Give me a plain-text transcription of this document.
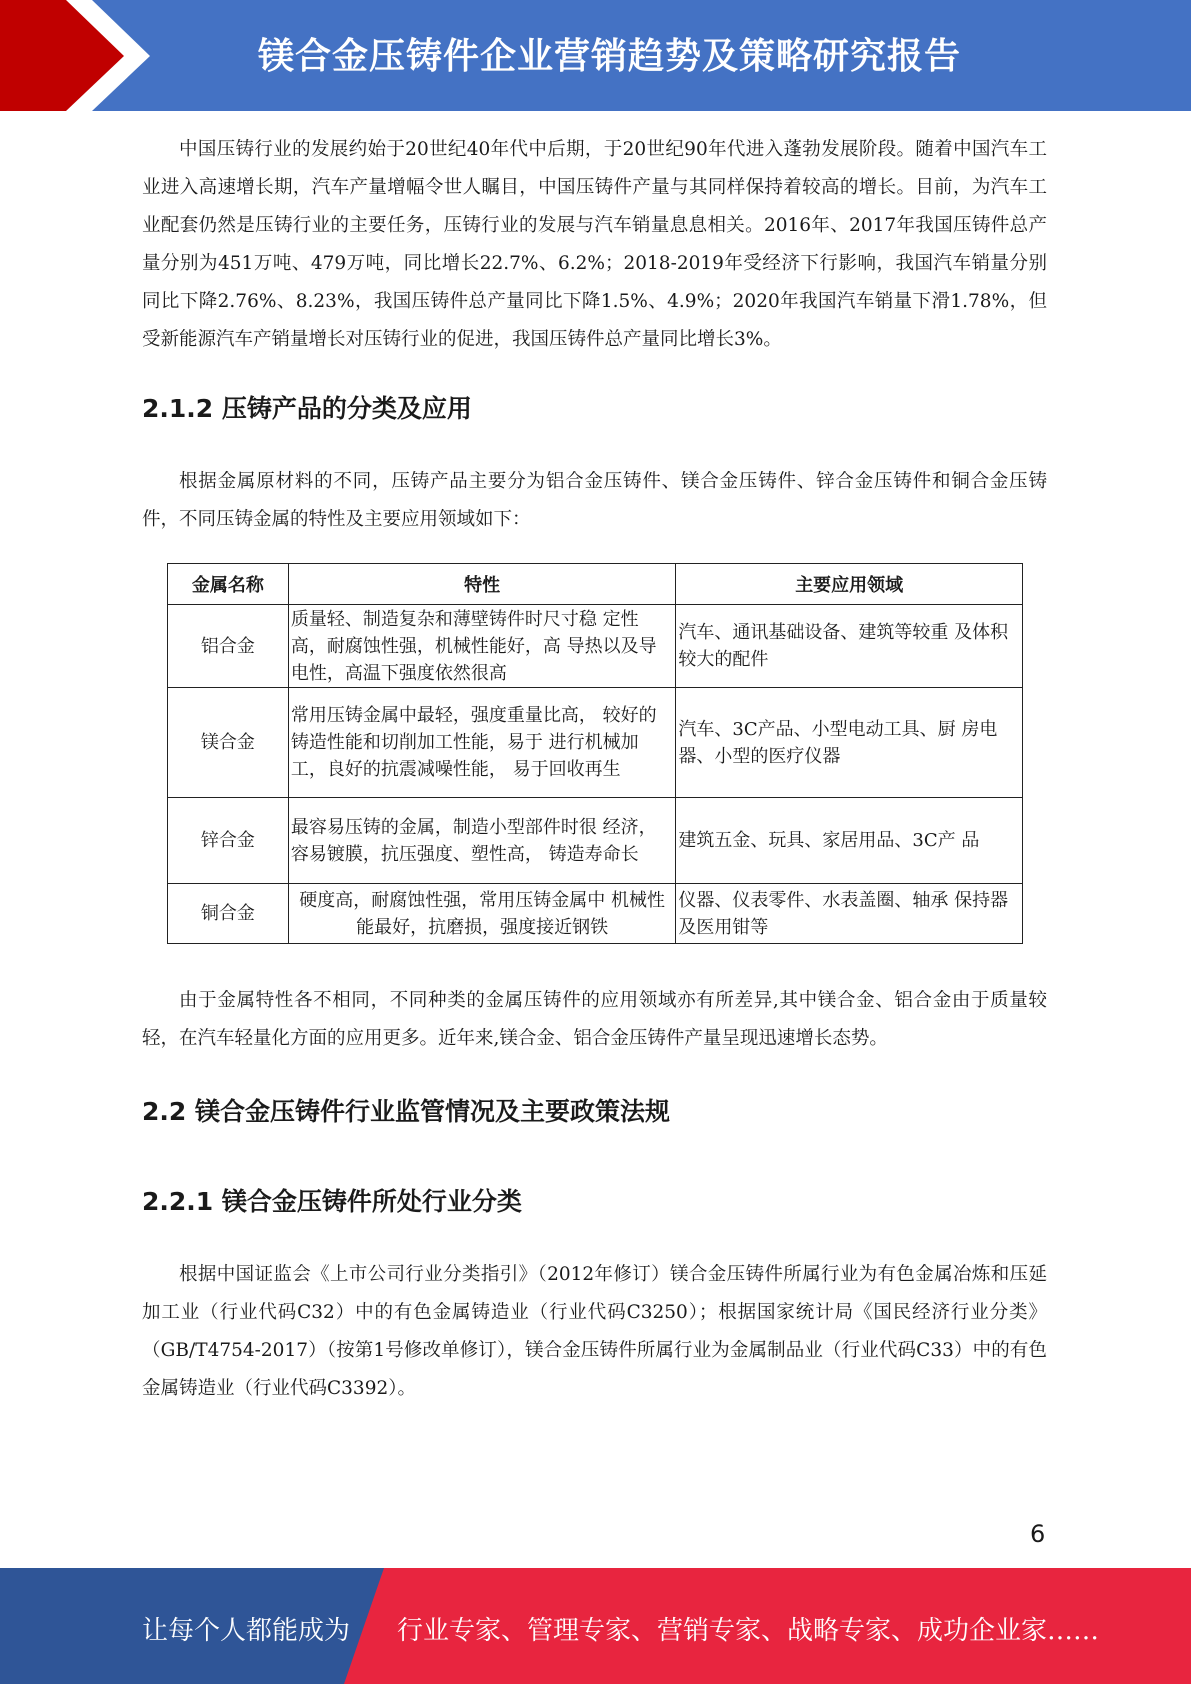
镁合金压铸件企业营销趋势及策略研究报告

中国压铸行业的发展约始于20世纪40年代中后期，于20世纪90年代进入蓬勃发展阶段。随着中国汽车工业进入高速增长期，汽车产量增幅令世人瞩目，中国压铸件产量与其同样保持着较高的增长。目前，为汽车工业配套仍然是压铸行业的主要任务，压铸行业的发展与汽车销量息息相关。2016年、2017年我国压铸件总产量分别为451万吨、479万吨，同比增长22.7%、6.2%；2018-2019年受经济下行影响，我国汽车销量分别同比下降2.76%、8.23%，我国压铸件总产量同比下降1.5%、4.9%；2020年我国汽车销量下滑1.78%，但受新能源汽车产销量增长对压铸行业的促进，我国压铸件总产量同比增长3%。

2.1.2 压铸产品的分类及应用

根据金属原材料的不同，压铸产品主要分为铝合金压铸件、镁合金压铸件、锌合金压铸件和铜合金压铸件，不同压铸金属的特性及主要应用领域如下：

金属名称	特性	主要应用领域
铝合金	质量轻、制造复杂和薄壁铸件时尺寸稳 定性高，耐腐蚀性强，机械性能好，高 导热以及导电性，高温下强度依然很高	汽车、通讯基础设备、建筑等较重 及体积较大的配件
镁合金	常用压铸金属中最轻，强度重量比高， 较好的铸造性能和切削加工性能，易于 进行机械加工，良好的抗震减噪性能， 易于回收再生	汽车、3C产品、小型电动工具、厨 房电器、小型的医疗仪器
锌合金	最容易压铸的金属，制造小型部件时很 经济，容易镀膜，抗压强度、塑性高， 铸造寿命长	建筑五金、玩具、家居用品、3C产 品
铜合金	硬度高，耐腐蚀性强，常用压铸金属中 机械性能最好，抗磨损，强度接近钢铁	仪器、仪表零件、水表盖圈、轴承 保持器及医用钳等

由于金属特性各不相同，不同种类的金属压铸件的应用领域亦有所差异,其中镁合金、铝合金由于质量较轻，在汽车轻量化方面的应用更多。近年来,镁合金、铝合金压铸件产量呈现迅速增长态势。

2.2 镁合金压铸件行业监管情况及主要政策法规
2.2.1 镁合金压铸件所处行业分类

根据中国证监会《上市公司行业分类指引》（2012年修订）镁合金压铸件所属行业为有色金属冶炼和压延加工业（行业代码C32）中的有色金属铸造业（行业代码C3250）；根据国家统计局《国民经济行业分类》（GB/T4754-2017）（按第1号修改单修订），镁合金压铸件所属行业为金属制品业（行业代码C33）中的有色金属铸造业（行业代码C3392）。

6
让每个人都能成为 行业专家、管理专家、营销专家、战略专家、成功企业家……
